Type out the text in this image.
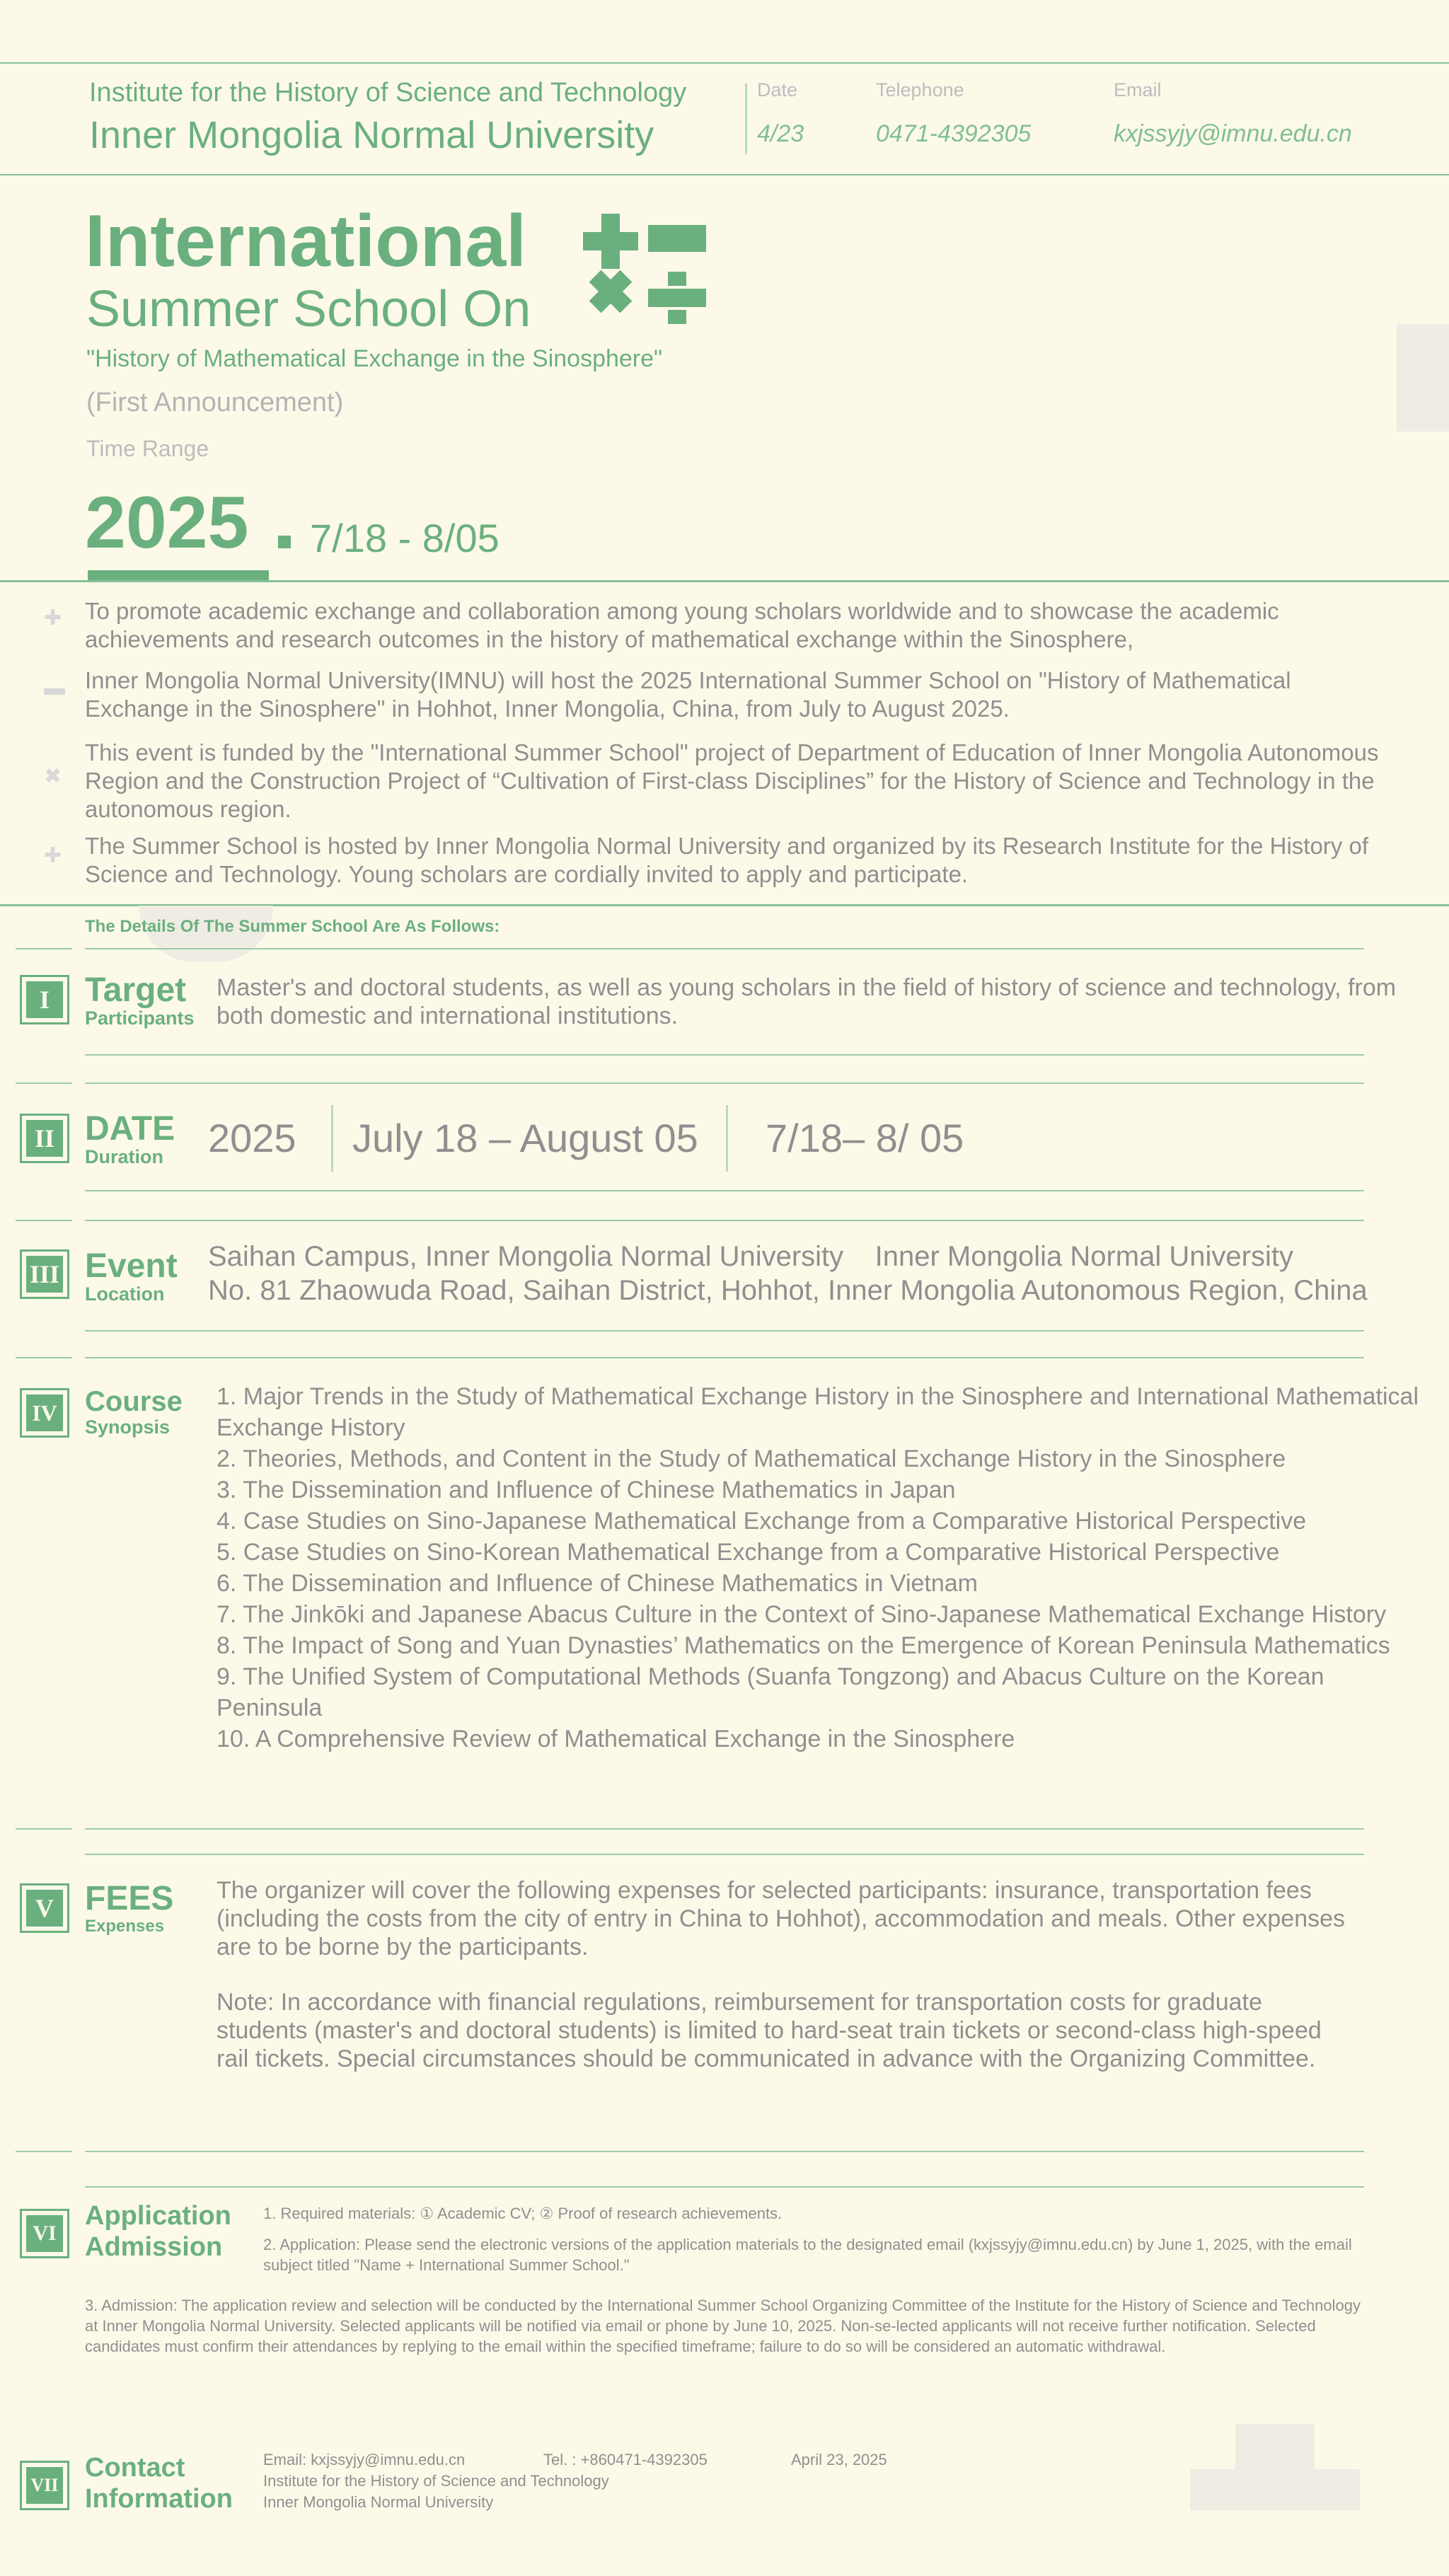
Institute for the History of Science and Technology
Inner Mongolia Normal University
Date
4/23
Telephone
0471-4392305
Email
kxjssyjy@imnu.edu.cn
International
Summer School On
"History of Mathematical Exchange in the Sinosphere"
(First Announcement)
Time Range
2025 7/18 - 8/05
✚ To promote academic exchange and collaboration among young scholars worldwide and to showcase the academic achievements and research outcomes in the history of mathematical exchange within the Sinosphere,
▬ Inner Mongolia Normal University(IMNU) will host the 2025 International Summer School on "History of Mathematical Exchange in the Sinosphere" in Hohhot, Inner Mongolia, China, from July to August 2025.
✖
This event is funded by the "International Summer School" project of Department of Education of Inner Mongolia Autonomous Region and the Construction Project of “Cultivation of First-class Disciplines” for the History of Science and Technology in the autonomous region.
✚ The Summer School is hosted by Inner Mongolia Normal University and organized by its Research Institute for the History of Science and Technology. Young scholars are cordially invited to apply and participate.
The Details Of The Summer School Are As Follows:
I	Target
Participants
Master's and doctoral students, as well as young scholars in the field of history of science and technology, from both domestic and international institutions.
II DATE
Duration 2025 July 18 – August 05 7/18– 8/ 05
III Event
Location
Saihan Campus, Inner Mongolia Normal University    Inner Mongolia Normal University
No. 81 Zhaowuda Road, Saihan District, Hohhot, Inner Mongolia Autonomous Region, China
IV Course
Synopsis
1. Major Trends in the Study of Mathematical Exchange History in the Sinosphere and International Mathematical Exchange History
2. Theories, Methods, and Content in the Study of Mathematical Exchange History in the Sinosphere
3. The Dissemination and Influence of Chinese Mathematics in Japan
4. Case Studies on Sino-Japanese Mathematical Exchange from a Comparative Historical Perspective
5. Case Studies on Sino-Korean Mathematical Exchange from a Comparative Historical Perspective
6. The Dissemination and Influence of Chinese Mathematics in Vietnam
7. The Jinkōki and Japanese Abacus Culture in the Context of Sino-Japanese Mathematical Exchange History
8. The Impact of Song and Yuan Dynasties’ Mathematics on the Emergence of Korean Peninsula Mathematics
9. The Unified System of Computational Methods (Suanfa Tongzong) and Abacus Culture on the Korean Peninsula
10. A Comprehensive Review of Mathematical Exchange in the Sinosphere
V FEES
Expenses
The organizer will cover the following expenses for selected participants: insurance, transportation fees (including the costs from the city of entry in China to Hohhot), accommodation and meals. Other expenses are to be borne by the participants.
Note: In accordance with financial regulations, reimbursement for transportation costs for graduate students (master's and doctoral students) is limited to hard-seat train tickets or second-class high-speed rail tickets. Special circumstances should be communicated in advance with the Organizing Committee.
VI
Application
Admission
1. Required materials: ① Academic CV; ② Proof of research achievements.
2. Application: Please send the electronic versions of the application materials to the designated email (kxjssyjy@imnu.edu.cn) by June 1, 2025, with the email subject titled "Name + International Summer School."
3. Admission: The application review and selection will be conducted by the International Summer School Organizing Committee of the Institute for the History of Science and Technology at Inner Mongolia Normal University. Selected applicants will be notified via email or phone by June 10, 2025. Non-se-lected applicants will not receive further notification. Selected candidates must confirm their attendances by replying to the email within the specified timeframe; failure to do so will be considered an automatic withdrawal.
VII
Contact
Information
Email: kxjssyjy@imnu.edu.cn	Tel. : +860471-4392305	April 23, 2025
Institute for the History of Science and Technology
Inner Mongolia Normal University
